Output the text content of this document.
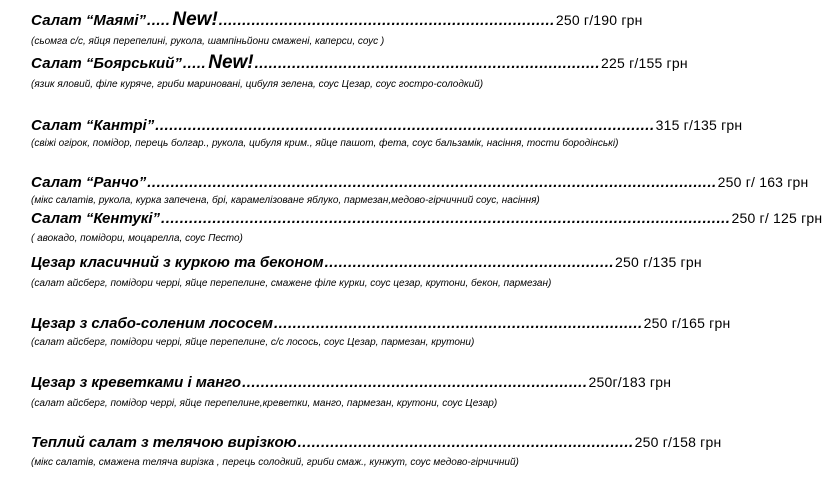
Салат “Маямі” ..... New! ........................................................................ 250 г/190 грн
(сьомга с/с, яйця перепелині, рукола, шампіньйони смажені, каперси, соус )
Салат “Боярський” ..... New! .......................................................................... 225 г/155 грн
(язик яловий, філе куряче, гриби мариновані, цибуля зелена, соус Цезар, соус гостро-солодкий)
Салат “Кантрі” ........................................................................................................... 315 г/135 грн
(свіжі огірок, помідор, перець болгар., рукола, цибуля крим., яйце пашот, фета, соус бальзамік, насіння, тости бородінські)
Салат “Ранчо” .......................................................................................................................... 250 г/ 163 грн
(мікс салатів, рукола, курка запечена, брі, карамелізоване яблуко, пармезан,медово-гірчичний соус, насіння)
Салат “Кентукі” .......................................................................................................................... 250 г/ 125 грн
( авокадо, помідори, моцарелла, соус Песто)
Цезар класичний з куркою та беконом .............................................................. 250 г/135 грн
(салат айсберг, помідори черрі, яйце перепелине, смажене філе курки, соус цезар, крутони, бекон, пармезан)
Цезар з слабо-соленим лососем ............................................................................... 250 г/165 грн
(салат айсберг, помідори черрі, яйце перепелине, с/с лосось, соус Цезар, пармезан, крутони)
Цезар з креветками і манго .......................................................................... 250г/183 грн
(салат айсберг, помідор черрі, яйце перепелине,креветки, манго, пармезан, крутони, соус Цезар)
Теплий салат з телячою вирізкою ........................................................................ 250 г/158 грн
(мікс салатів, смажена теляча вирізка , перець солодкий, гриби смаж., кунжут, соус медово-гірчичний)
